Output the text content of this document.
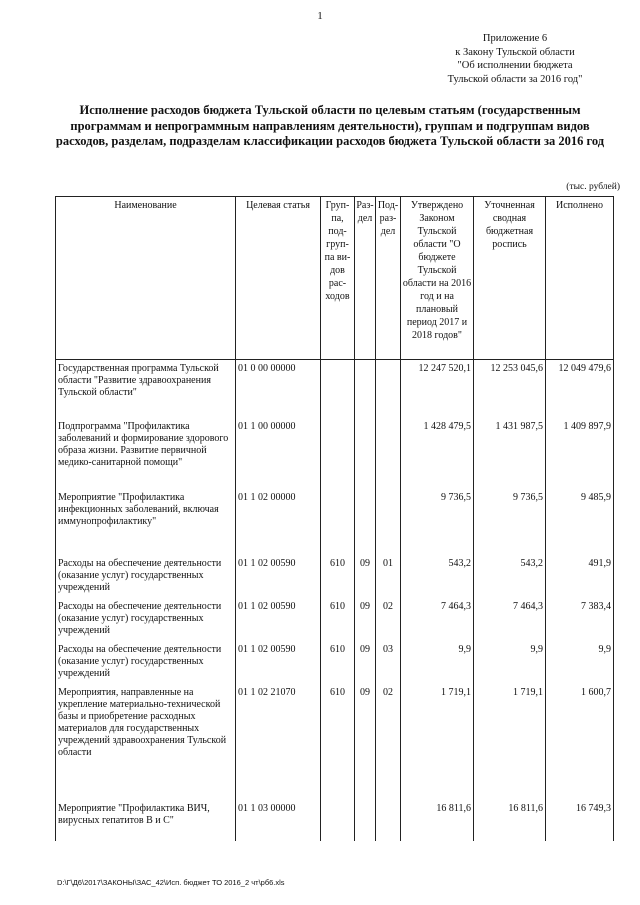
1
Приложение 6
к Закону Тульской области
"Об исполнении бюджета
Тульской области за 2016 год"
Исполнение расходов бюджета Тульской области по целевым статьям (государственным программам и непрограммным направлениям деятельности), группам и подгруппам видов расходов, разделам, подразделам классификации расходов бюджета Тульской области за 2016 год
(тыс. рублей)
Наименование	Целевая статья	Груп-па, под-груп-па ви-дов рас-ходов	Раз-дел	Под-раз-дел	Утверждено Законом Тульской области "О бюджете Тульской области на 2016 год и на плановый период 2017 и 2018 годов"	Уточненная сводная бюджетная роспись	Исполнено
Государственная программа Тульской области "Развитие здравоохранения Тульской области"	01 0 00 00000				12 247 520,1	12 253 045,6	12 049 479,6
Подпрограмма "Профилактика заболеваний и формирование здорового образа жизни. Развитие первичной медико-санитарной помощи"	01 1 00 00000				1 428 479,5	1 431 987,5	1 409 897,9
Мероприятие "Профилактика инфекционных заболеваний, включая иммунопрофилактику"	01 1 02 00000				9 736,5	9 736,5	9 485,9
Расходы на обеспечение деятельности (оказание услуг) государственных учреждений	01 1 02 00590	610	09	01	543,2	543,2	491,9
Расходы на обеспечение деятельности (оказание услуг) государственных учреждений	01 1 02 00590	610	09	02	7 464,3	7 464,3	7 383,4
Расходы на обеспечение деятельности (оказание услуг) государственных учреждений	01 1 02 00590	610	09	03	9,9	9,9	9,9
Мероприятия, направленные на укрепление материально-технической базы и приобретение расходных материалов для государственных учреждений здравоохранения Тульской области	01 1 02 21070	610	09	02	1 719,1	1 719,1	1 600,7
Мероприятие "Профилактика ВИЧ, вирусных гепатитов В и С"	01 1 03 00000				16 811,6	16 811,6	16 749,3
D:\Г\Д6\2017\ЗАКОНЫ\ЗАС_42\Исп. бюджет ТО 2016_2 чт\рб6.xls
